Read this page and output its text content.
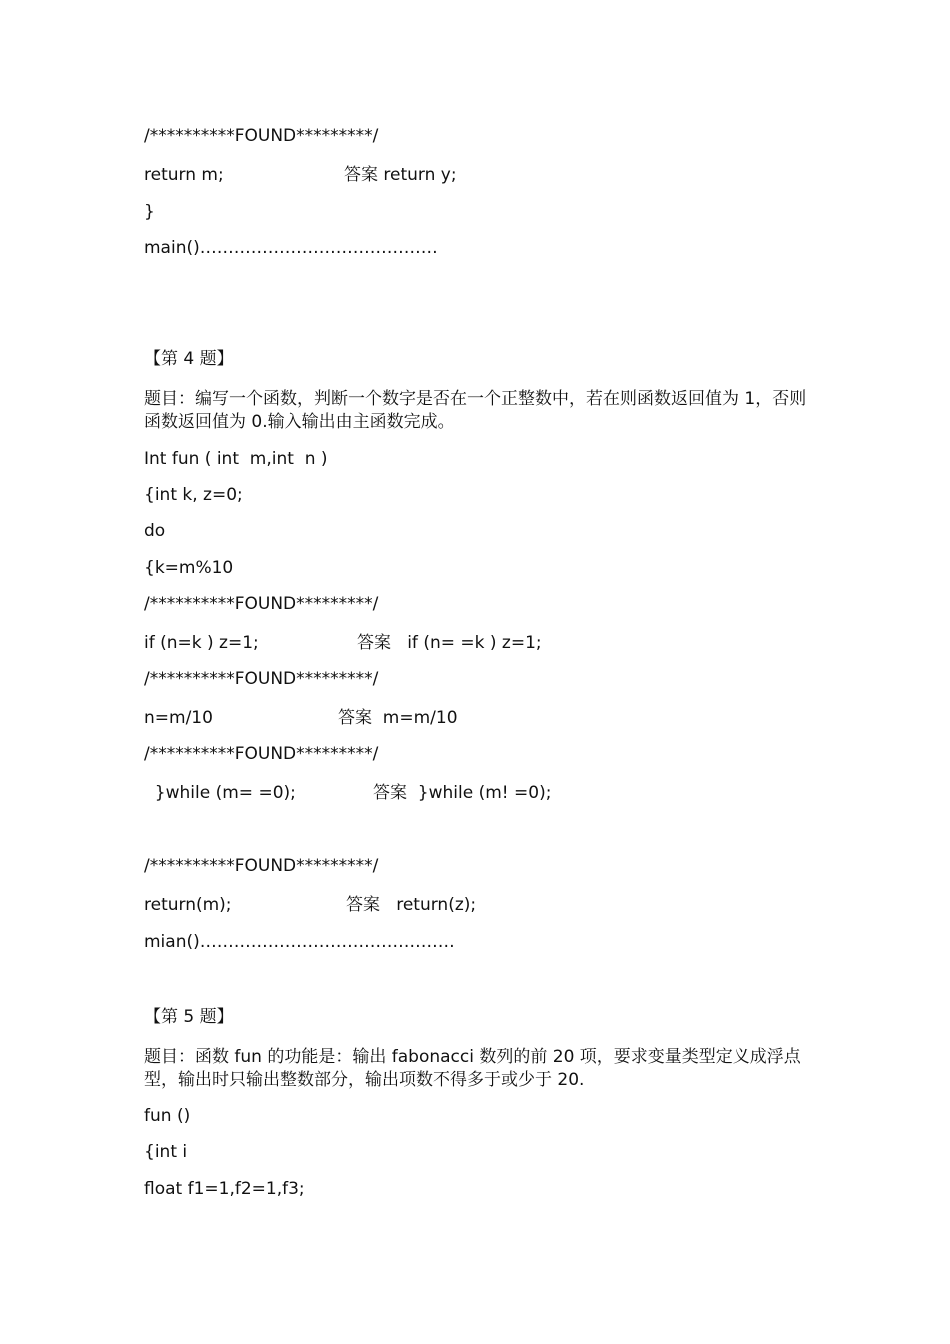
/**********FOUND*********/
return m;	答案 return y;
}
main()……………………………………
【第 4 题】
题目：编写一个函数，判断一个数字是否在一个正整数中，若在则函数返回值为 1，否则函数返回值为 0.输入输出由主函数完成。
Int fun ( int  m,int  n )
{int k, z=0;
do
{k=m%10
/**********FOUND*********/
if (n=k ) z=1;	答案   if (n= =k ) z=1;
/**********FOUND*********/
n=m/10	答案  m=m/10
/**********FOUND*********/
}while (m= =0);	答案  }while (m! =0);
/**********FOUND*********/
return(m);	答案   return(z);
mian()………………………………………
【第 5 题】
题目：函数 fun 的功能是：输出 fabonacci 数列的前 20 项，要求变量类型定义成浮点型，输出时只输出整数部分，输出项数不得多于或少于 20.
fun ()
{int i
float f1=1,f2=1,f3;
